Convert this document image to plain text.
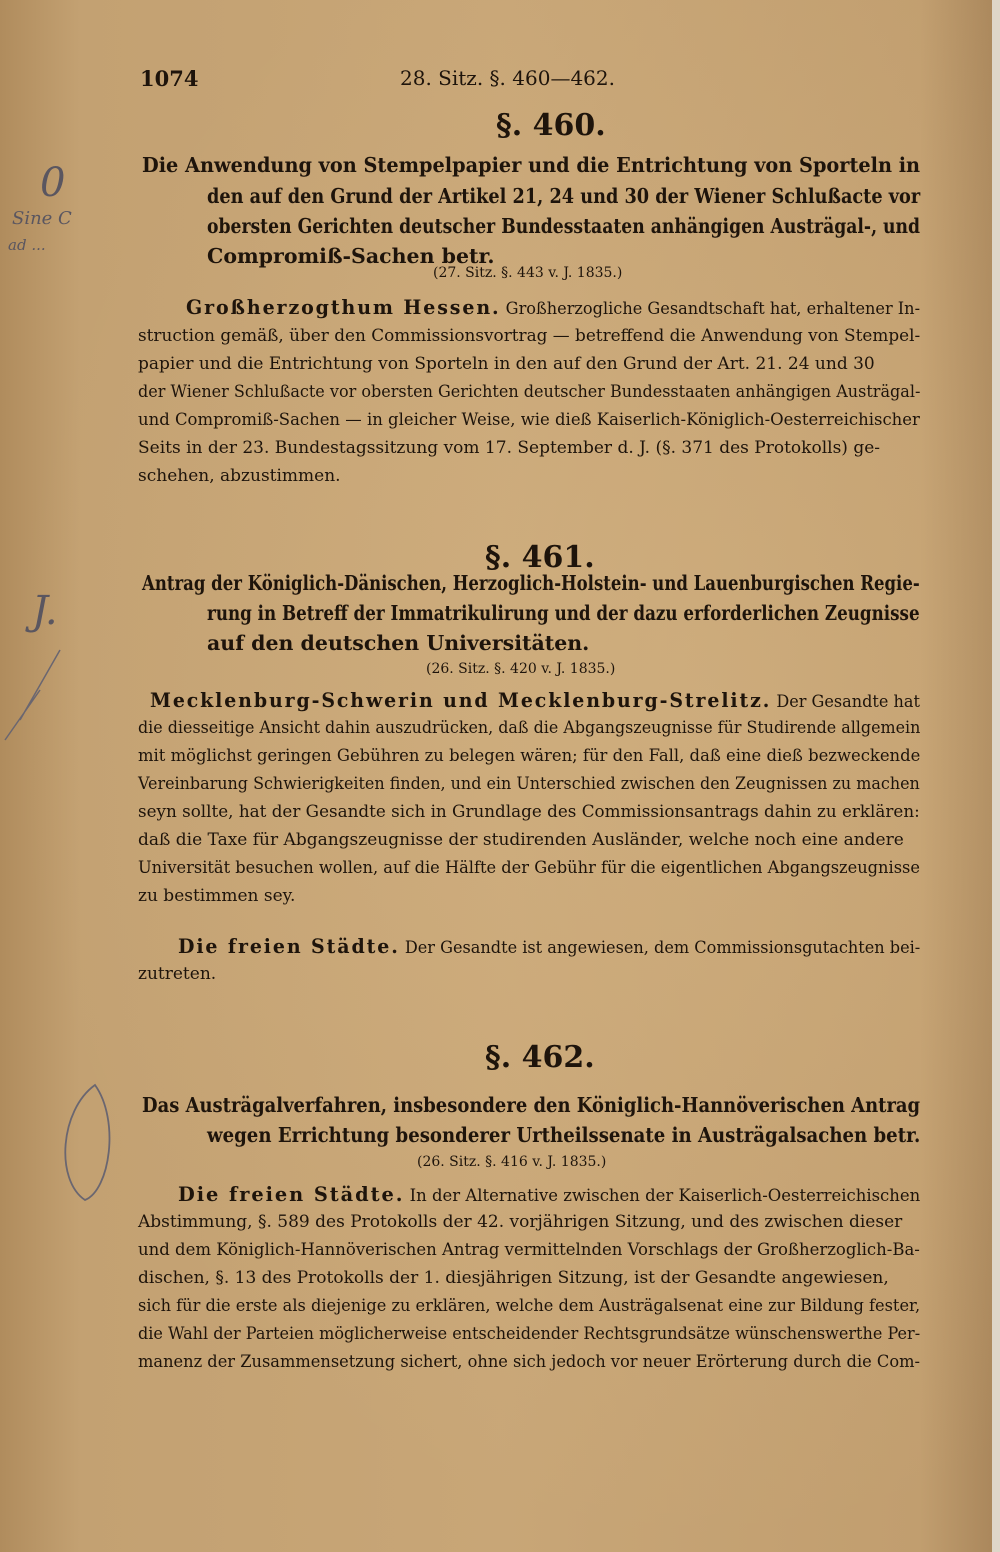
1074	28. Sitz. §. 460—462.
§. 460.
Die Anwendung von Stempelpapier und die Entrichtung von Sporteln in
den auf den Grund der Artikel 21, 24 und 30 der Wiener Schlußacte vor
obersten Gerichten deutscher Bundesstaaten anhängigen Austrägal-, und
Compromiß-Sachen betr.
(27. Sitz. §. 443 v. J. 1835.)
Großherzogthum Hessen. Großherzogliche Gesandtschaft hat, erhaltener In-
struction gemäß, über den Commissionsvortrag — betreffend die Anwendung von Stempel-
papier und die Entrichtung von Sporteln in den auf den Grund der Art. 21. 24 und 30
der Wiener Schlußacte vor obersten Gerichten deutscher Bundesstaaten anhängigen Austrägal-
und Compromiß-Sachen — in gleicher Weise, wie dieß Kaiserlich-Königlich-Oesterreichischer
Seits in der 23. Bundestagssitzung vom 17. September d. J. (§. 371 des Protokolls) ge-
schehen, abzustimmen.
§. 461.
Antrag der Königlich-Dänischen, Herzoglich-Holstein- und Lauenburgischen Regie-
rung in Betreff der Immatrikulirung und der dazu erforderlichen Zeugnisse
auf den deutschen Universitäten.
(26. Sitz. §. 420 v. J. 1835.)
Mecklenburg-Schwerin und Mecklenburg-Strelitz. Der Gesandte hat
die diesseitige Ansicht dahin auszudrücken, daß die Abgangszeugnisse für Studirende allgemein
mit möglichst geringen Gebühren zu belegen wären; für den Fall, daß eine dieß bezweckende
Vereinbarung Schwierigkeiten finden, und ein Unterschied zwischen den Zeugnissen zu machen
seyn sollte, hat der Gesandte sich in Grundlage des Commissionsantrags dahin zu erklären:
daß die Taxe für Abgangszeugnisse der studirenden Ausländer, welche noch eine andere
Universität besuchen wollen, auf die Hälfte der Gebühr für die eigentlichen Abgangszeugnisse
zu bestimmen sey.
Die freien Städte. Der Gesandte ist angewiesen, dem Commissionsgutachten bei-
zutreten.
§. 462.
Das Austrägalverfahren, insbesondere den Königlich-Hannöverischen Antrag
wegen Errichtung besonderer Urtheilssenate in Austrägalsachen betr.
(26. Sitz. §. 416 v. J. 1835.)
Die freien Städte. In der Alternative zwischen der Kaiserlich-Oesterreichischen
Abstimmung, §. 589 des Protokolls der 42. vorjährigen Sitzung, und des zwischen dieser
und dem Königlich-Hannöverischen Antrag vermittelnden Vorschlags der Großherzoglich-Ba-
dischen, §. 13 des Protokolls der 1. diesjährigen Sitzung, ist der Gesandte angewiesen,
sich für die erste als diejenige zu erklären, welche dem Austrägalsenat eine zur Bildung fester,
die Wahl der Parteien möglicherweise entscheidender Rechtsgrundsätze wünschenswerthe Per-
manenz der Zusammensetzung sichert, ohne sich jedoch vor neuer Erörterung durch die Com-
0
Sine C
ad ...
J.
